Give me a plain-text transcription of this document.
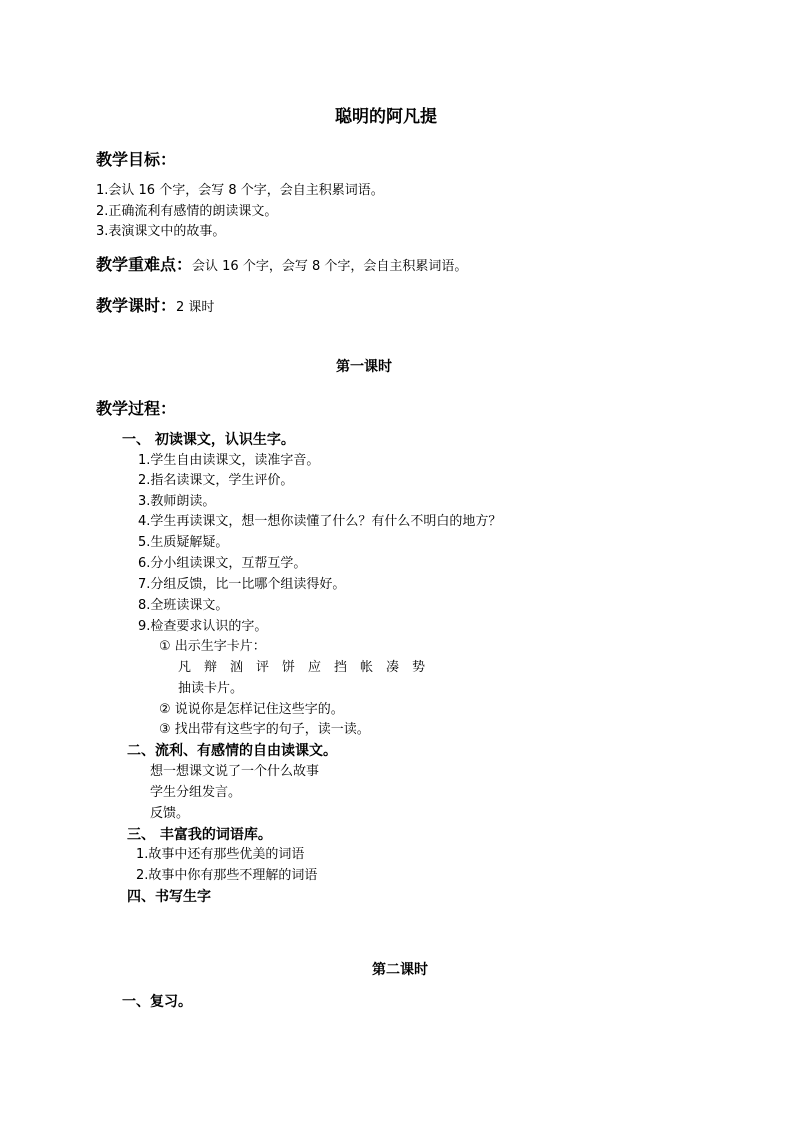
聪明的阿凡提
教学目标：
1.会认 16 个字，会写 8 个字，会自主积累词语。
2.正确流利有感情的朗读课文。
3.表演课文中的故事。
教学重难点：会认 16 个字，会写 8 个字，会自主积累词语。
教学课时：2 课时
第一课时
教学过程：
一、 初读课文，认识生字。
1.学生自由读课文，读准字音。
2.指名读课文，学生评价。
3.教师朗读。
4.学生再读课文，想一想你读懂了什么？有什么不明白的地方？
5.生质疑解疑。
6.分小组读课文，互帮互学。
7.分组反馈，比一比哪个组读得好。
8.全班读课文。
9.检查要求认识的字。
① 出示生字卡片：
凡 辩 汹 评 饼 应 挡 帐 凑 势
抽读卡片。
② 说说你是怎样记住这些字的。
③ 找出带有这些字的句子，读一读。
二、流利、有感情的自由读课文。
想一想课文说了一个什么故事
学生分组发言。
反馈。
三、 丰富我的词语库。
1.故事中还有那些优美的词语
2.故事中你有那些不理解的词语
四、书写生字
第二课时
一、复习。
